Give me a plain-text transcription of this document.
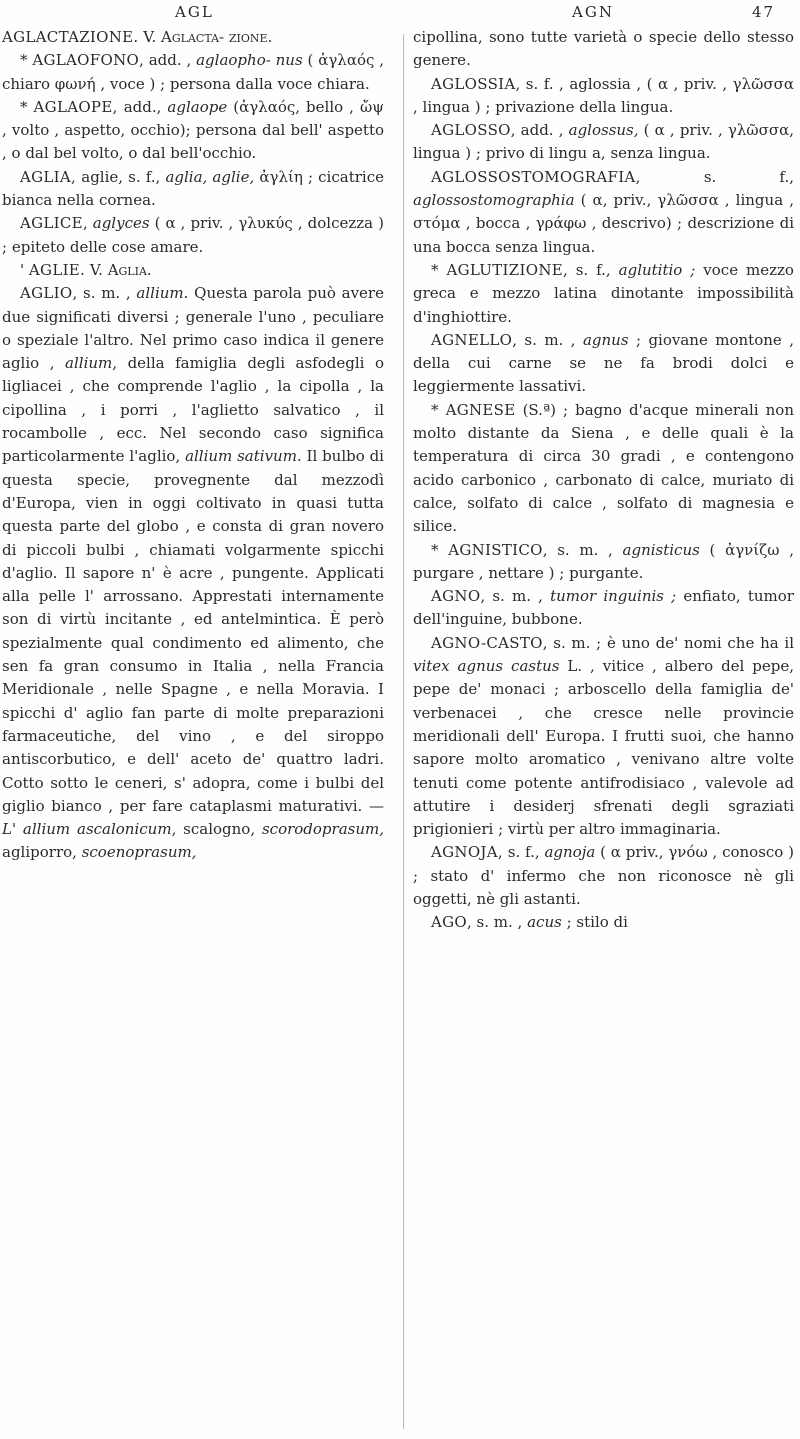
AGL	AGN	47

AGLACTAZIONE. V. Aglacta- zione.

* AGLAOFONO, add. , aglaopho- nus ( ἀγλαός , chiaro φωνή , voce ) ; persona dalla voce chiara.

* AGLAOPE, add., aglaope (ἀγλαός, bello , ὤψ , volto , aspetto, occhio); persona dal bell' aspetto , o dal bel volto, o dal bell'occhio.

AGLIA, aglie, s. f., aglia, aglie, ἀγλίη ; cicatrice bianca nella cornea.

AGLICE, aglyces ( α , priv. , γλυκύς , dolcezza ) ; epiteto delle cose amare.

' AGLIE. V. Aglia.

AGLIO, s. m. , allium. Questa parola può avere due significati diversi ; generale l'uno , peculiare o speziale l'altro. Nel primo caso indica il genere aglio , allium, della famiglia degli asfodegli o ligliacei , che comprende l'aglio , la cipolla , la cipollina , i porri , l'aglietto salvatico , il rocambolle , ecc. Nel secondo caso significa particolarmente l'aglio, allium sativum. Il bulbo di questa specie, provegnente dal mezzodì d'Europa, vien in oggi coltivato in quasi tutta questa parte del globo , e consta di gran novero di piccoli bulbi , chiamati volgarmente spicchi d'aglio. Il sapore n' è acre , pungente. Applicati alla pelle l' arrossano. Apprestati internamente son di virtù incitante , ed antelmintica. È però spezialmente qual condimento ed alimento, che sen fa gran consumo in Italia , nella Francia Meridionale , nelle Spagne , e nella Moravia. I spicchi d' aglio fan parte di molte preparazioni farmaceutiche, del vino , e del siroppo antiscorbutico, e dell' aceto de' quattro ladri. Cotto sotto le ceneri, s' adopra, come i bulbi del giglio bianco , per fare cataplasmi maturativi. — L' allium ascalonicum, scalogno, scorodoprasum, agliporro, scoenoprasum,

cipollina, sono tutte varietà o specie dello stesso genere.

AGLOSSIA, s. f. , aglossia , ( α , priv. , γλῶσσα , lingua ) ; privazione della lingua.

AGLOSSO, add. , aglossus, ( α , priv. , γλῶσσα, lingua ) ; privo di lingu a, senza lingua.

AGLOSSOSTOMOGRAFIA,	s. f., aglossostomographia ( α, priv., γλῶσσα , lingua , στόμα , bocca , γράφω , descrivo) ; descrizione di una bocca senza lingua.

* AGLUTIZIONE, s. f., aglutitio ; voce mezzo greca e mezzo latina dinotante impossibilità d'inghiottire.

AGNELLO, s. m. , agnus ; giovane montone , della cui carne se ne fa brodi dolci e leggiermente lassativi.

* AGNESE (S.ª) ; bagno d'acque minerali non molto distante da Siena , e delle quali è la temperatura di circa 30 gradi , e contengono acido carbonico , carbonato di calce, muriato di calce, solfato di calce , solfato di magnesia e silice.

* AGNISTICO, s. m. , agnisticus ( ἀγνίζω , purgare , nettare ) ; purgante.

AGNO, s. m. , tumor inguinis ; enfiato, tumor dell'inguine, bubbone.

AGNO-CASTO, s. m. ; è uno de' nomi che ha il vitex agnus castus L. , vitice , albero del pepe, pepe de' monaci ; arboscello della famiglia de' verbenacei , che cresce nelle provincie meridionali dell' Europa. I frutti suoi, che hanno sapore molto aromatico , venivano altre volte tenuti come potente antifrodisiaco , valevole ad attutire i desiderj sfrenati degli sgraziati prigionieri ; virtù per altro immaginaria.

AGNOJA, s. f., agnoja ( α priv., γνόω , conosco ) ; stato d' infermo che non riconosce nè gli oggetti, nè gli astanti.

AGO, s. m. , acus ; stilo di
